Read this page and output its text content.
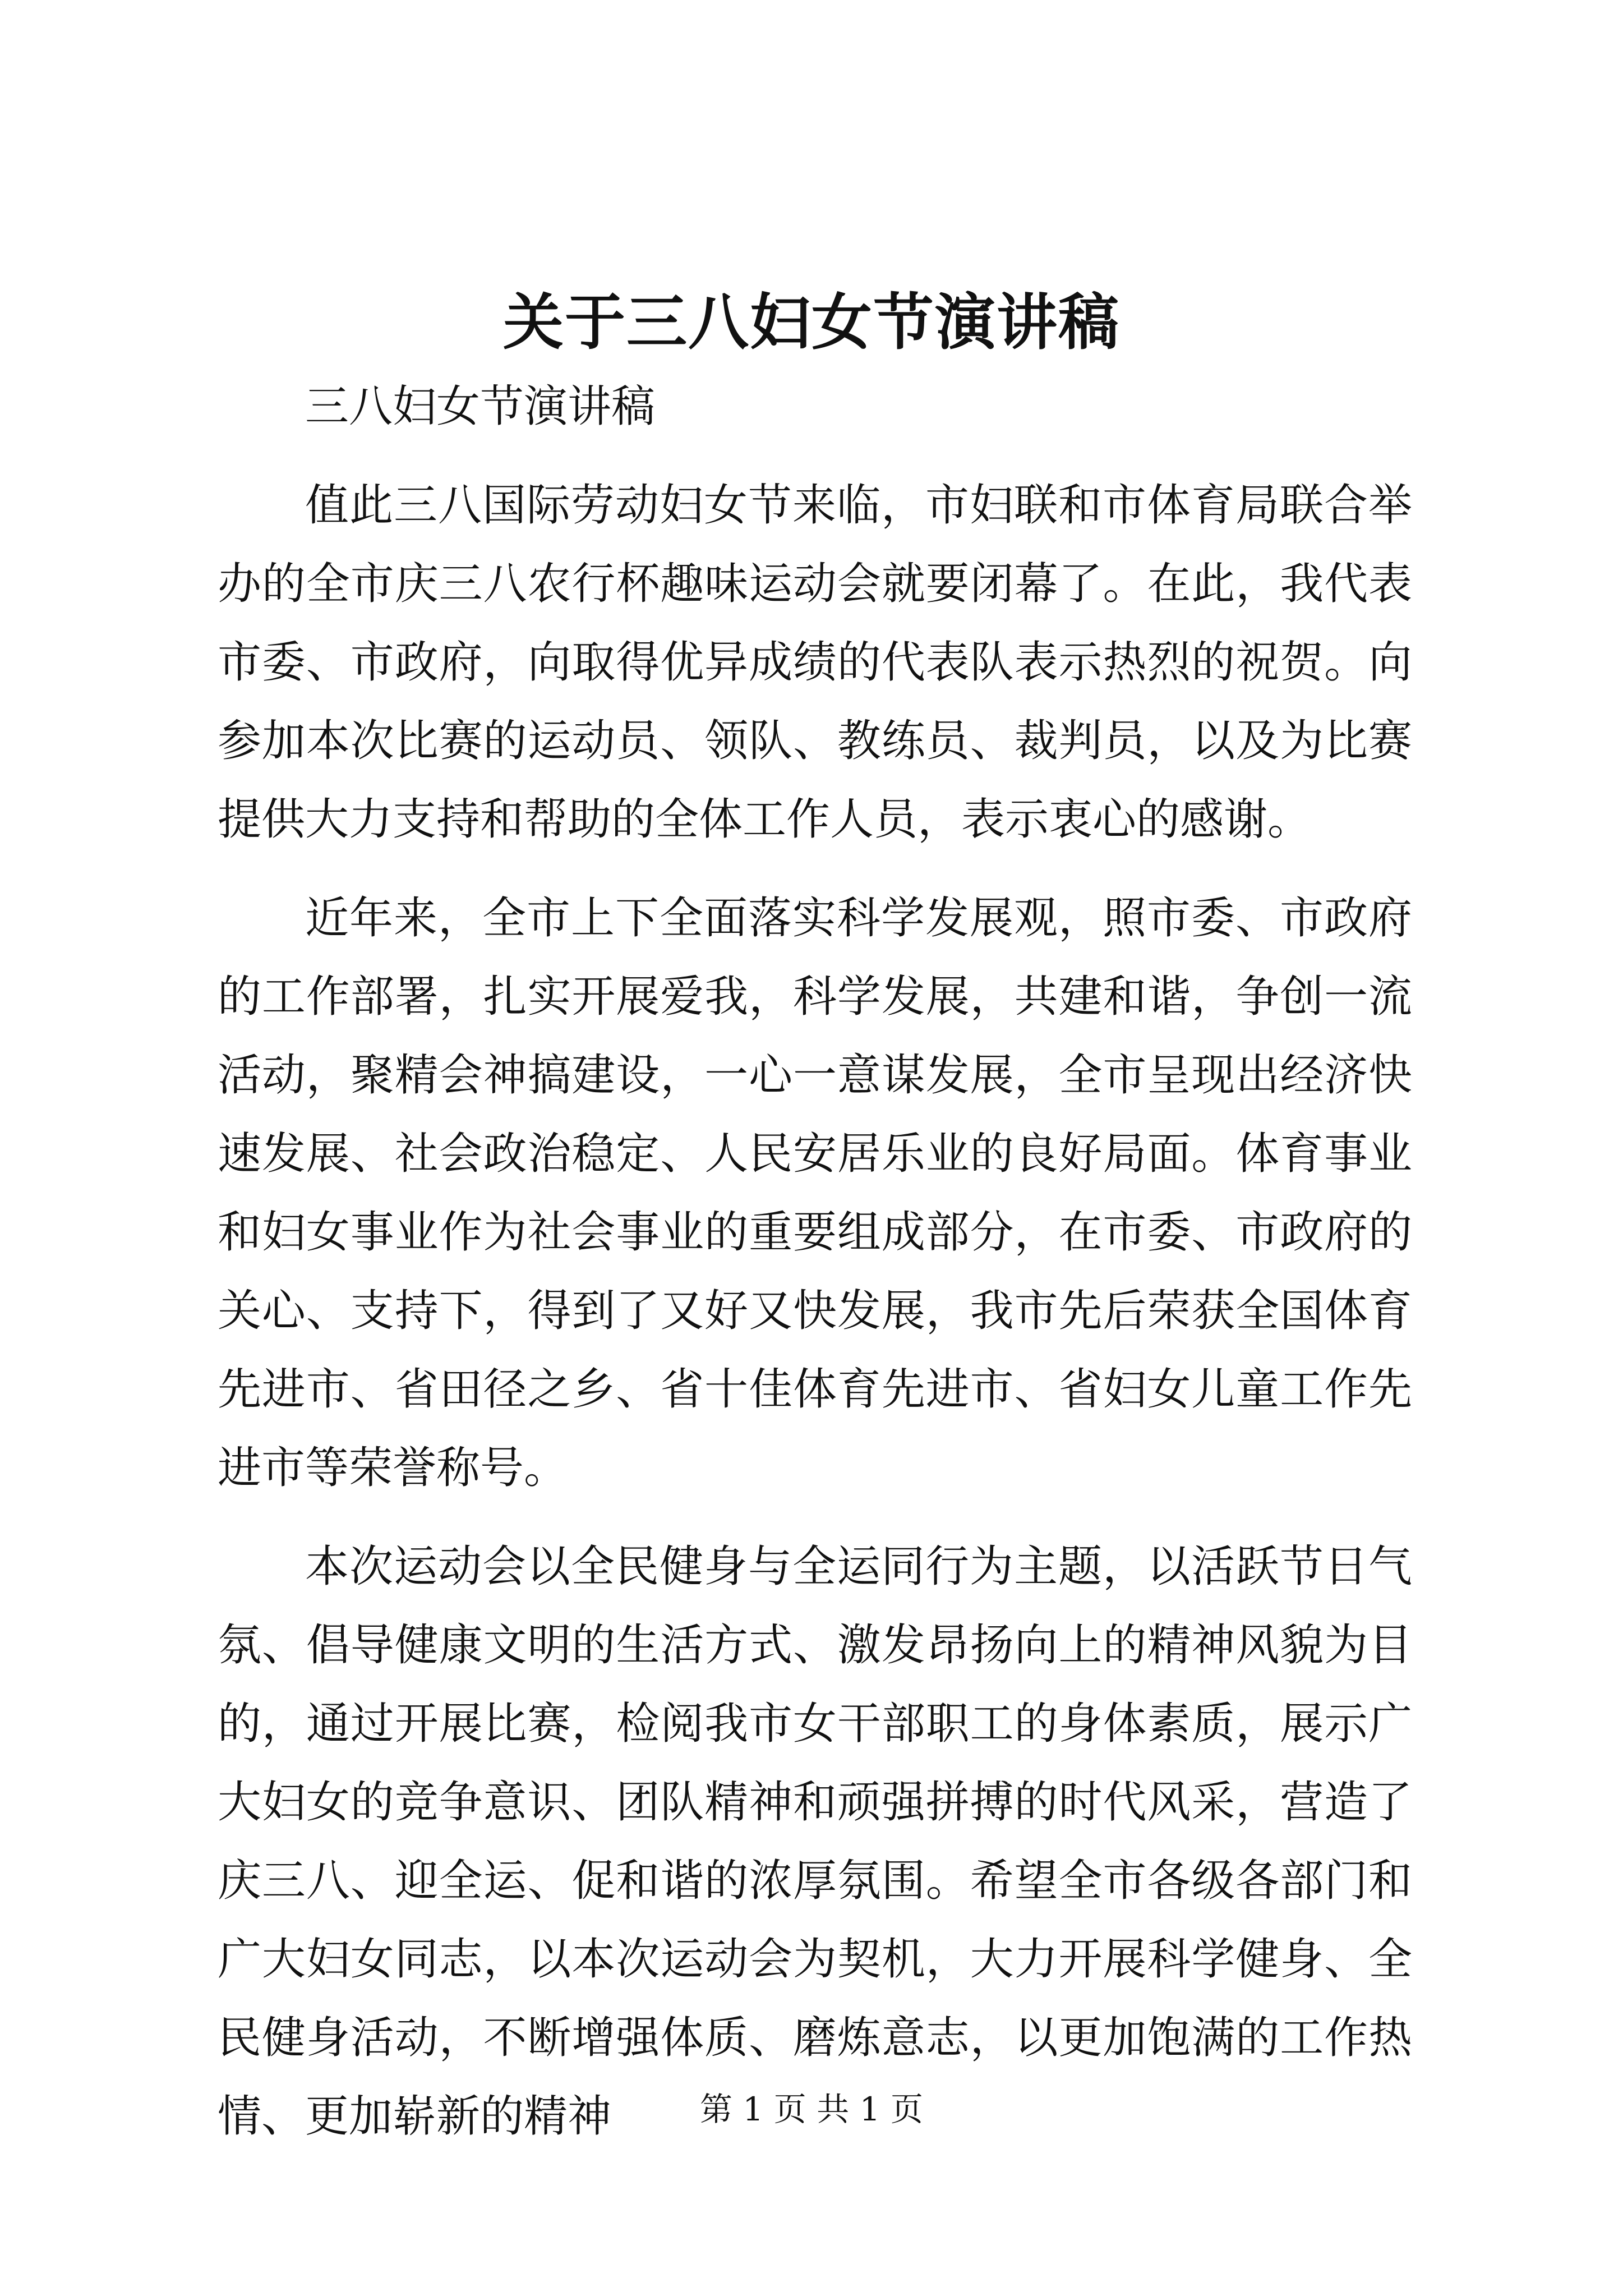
关于三八妇女节演讲稿

三八妇女节演讲稿

值此三八国际劳动妇女节来临，市妇联和市体育局联合举办的全市庆三八农行杯趣味运动会就要闭幕了。在此，我代表市委、市政府，向取得优异成绩的代表队表示热烈的祝贺。向参加本次比赛的运动员、领队、教练员、裁判员，以及为比赛提供大力支持和帮助的全体工作人员，表示衷心的感谢。

近年来，全市上下全面落实科学发展观，照市委、市政府的工作部署，扎实开展爱我，科学发展，共建和谐，争创一流活动，聚精会神搞建设，一心一意谋发展，全市呈现出经济快速发展、社会政治稳定、人民安居乐业的良好局面。体育事业和妇女事业作为社会事业的重要组成部分，在市委、市政府的关心、支持下，得到了又好又快发展，我市先后荣获全国体育先进市、省田径之乡、省十佳体育先进市、省妇女儿童工作先进市等荣誉称号。

本次运动会以全民健身与全运同行为主题，以活跃节日气氛、倡导健康文明的生活方式、激发昂扬向上的精神风貌为目的，通过开展比赛，检阅我市女干部职工的身体素质，展示广大妇女的竞争意识、团队精神和顽强拼搏的时代风采，营造了庆三八、迎全运、促和谐的浓厚氛围。希望全市各级各部门和广大妇女同志，以本次运动会为契机，大力开展科学健身、全民健身活动，不断增强体质、磨炼意志，以更加饱满的工作热情、更加崭新的精神	第 1 页 共 1 页
